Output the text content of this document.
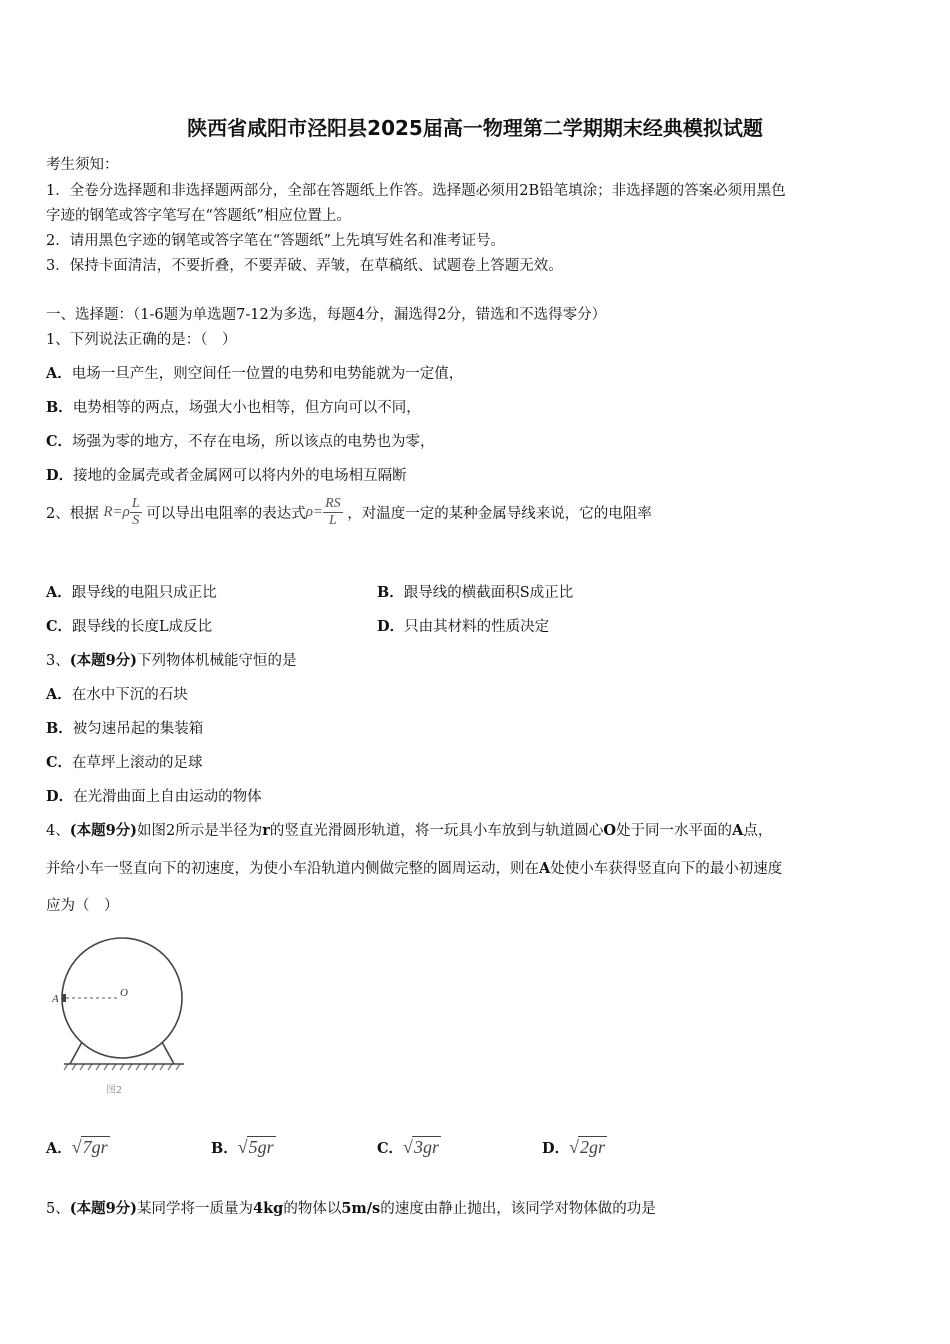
陕西省咸阳市泾阳县2025届高一物理第二学期期末经典模拟试题
考生须知：
1．全卷分选择题和非选择题两部分，全部在答题纸上作答。选择题必须用2B铅笔填涂；非选择题的答案必须用黑色
字迹的钢笔或答字笔写在“答题纸”相应位置上。
2．请用黑色字迹的钢笔或答字笔在“答题纸”上先填写姓名和准考证号。
3．保持卡面清洁，不要折叠，不要弄破、弄皱，在草稿纸、试题卷上答题无效。
一、选择题：（1-6题为单选题7-12为多选，每题4分，漏选得2分，错选和不选得零分）
1、下列说法正确的是：（　）
A．电场一旦产生，则空间任一位置的电势和电势能就为一定值，
B．电势相等的两点，场强大小也相等，但方向可以不同，
C．场强为零的地方，不存在电场，所以该点的电势也为零，
D．接地的金属壳或者金属网可以将内外的电场相互隔断
2、根据 $R=\rho \frac{L}{S}$ 可以导出电阻率的表达式$\rho= \frac{RS}{L}$ ，对温度一定的某种金属导线来说，它的电阻率
A．跟导线的电阻只成正比	B．跟导线的横截面积S成正比
C．跟导线的长度L成反比	D．只由其材料的性质决定
3、(本题9分)下列物体机械能守恒的是
A．在水中下沉的石块
B．被匀速吊起的集装箱
C．在草坪上滚动的足球
D．在光滑曲面上自由运动的物体
4、(本题9分)如图2所示是半径为r的竖直光滑圆形轨道，将一玩具小车放到与轨道圆心O处于同一水平面的A点，
并给小车一竖直向下的初速度，为使小车沿轨道内侧做完整的圆周运动，则在A处使小车获得竖直向下的最小初速度
应为（　）
A	O
图2
A．√7gr	B．√5gr	C．√3gr	D．√2gr
5、(本题9分)某同学将一质量为4kg的物体以5m/s的速度由静止抛出，该同学对物体做的功是
